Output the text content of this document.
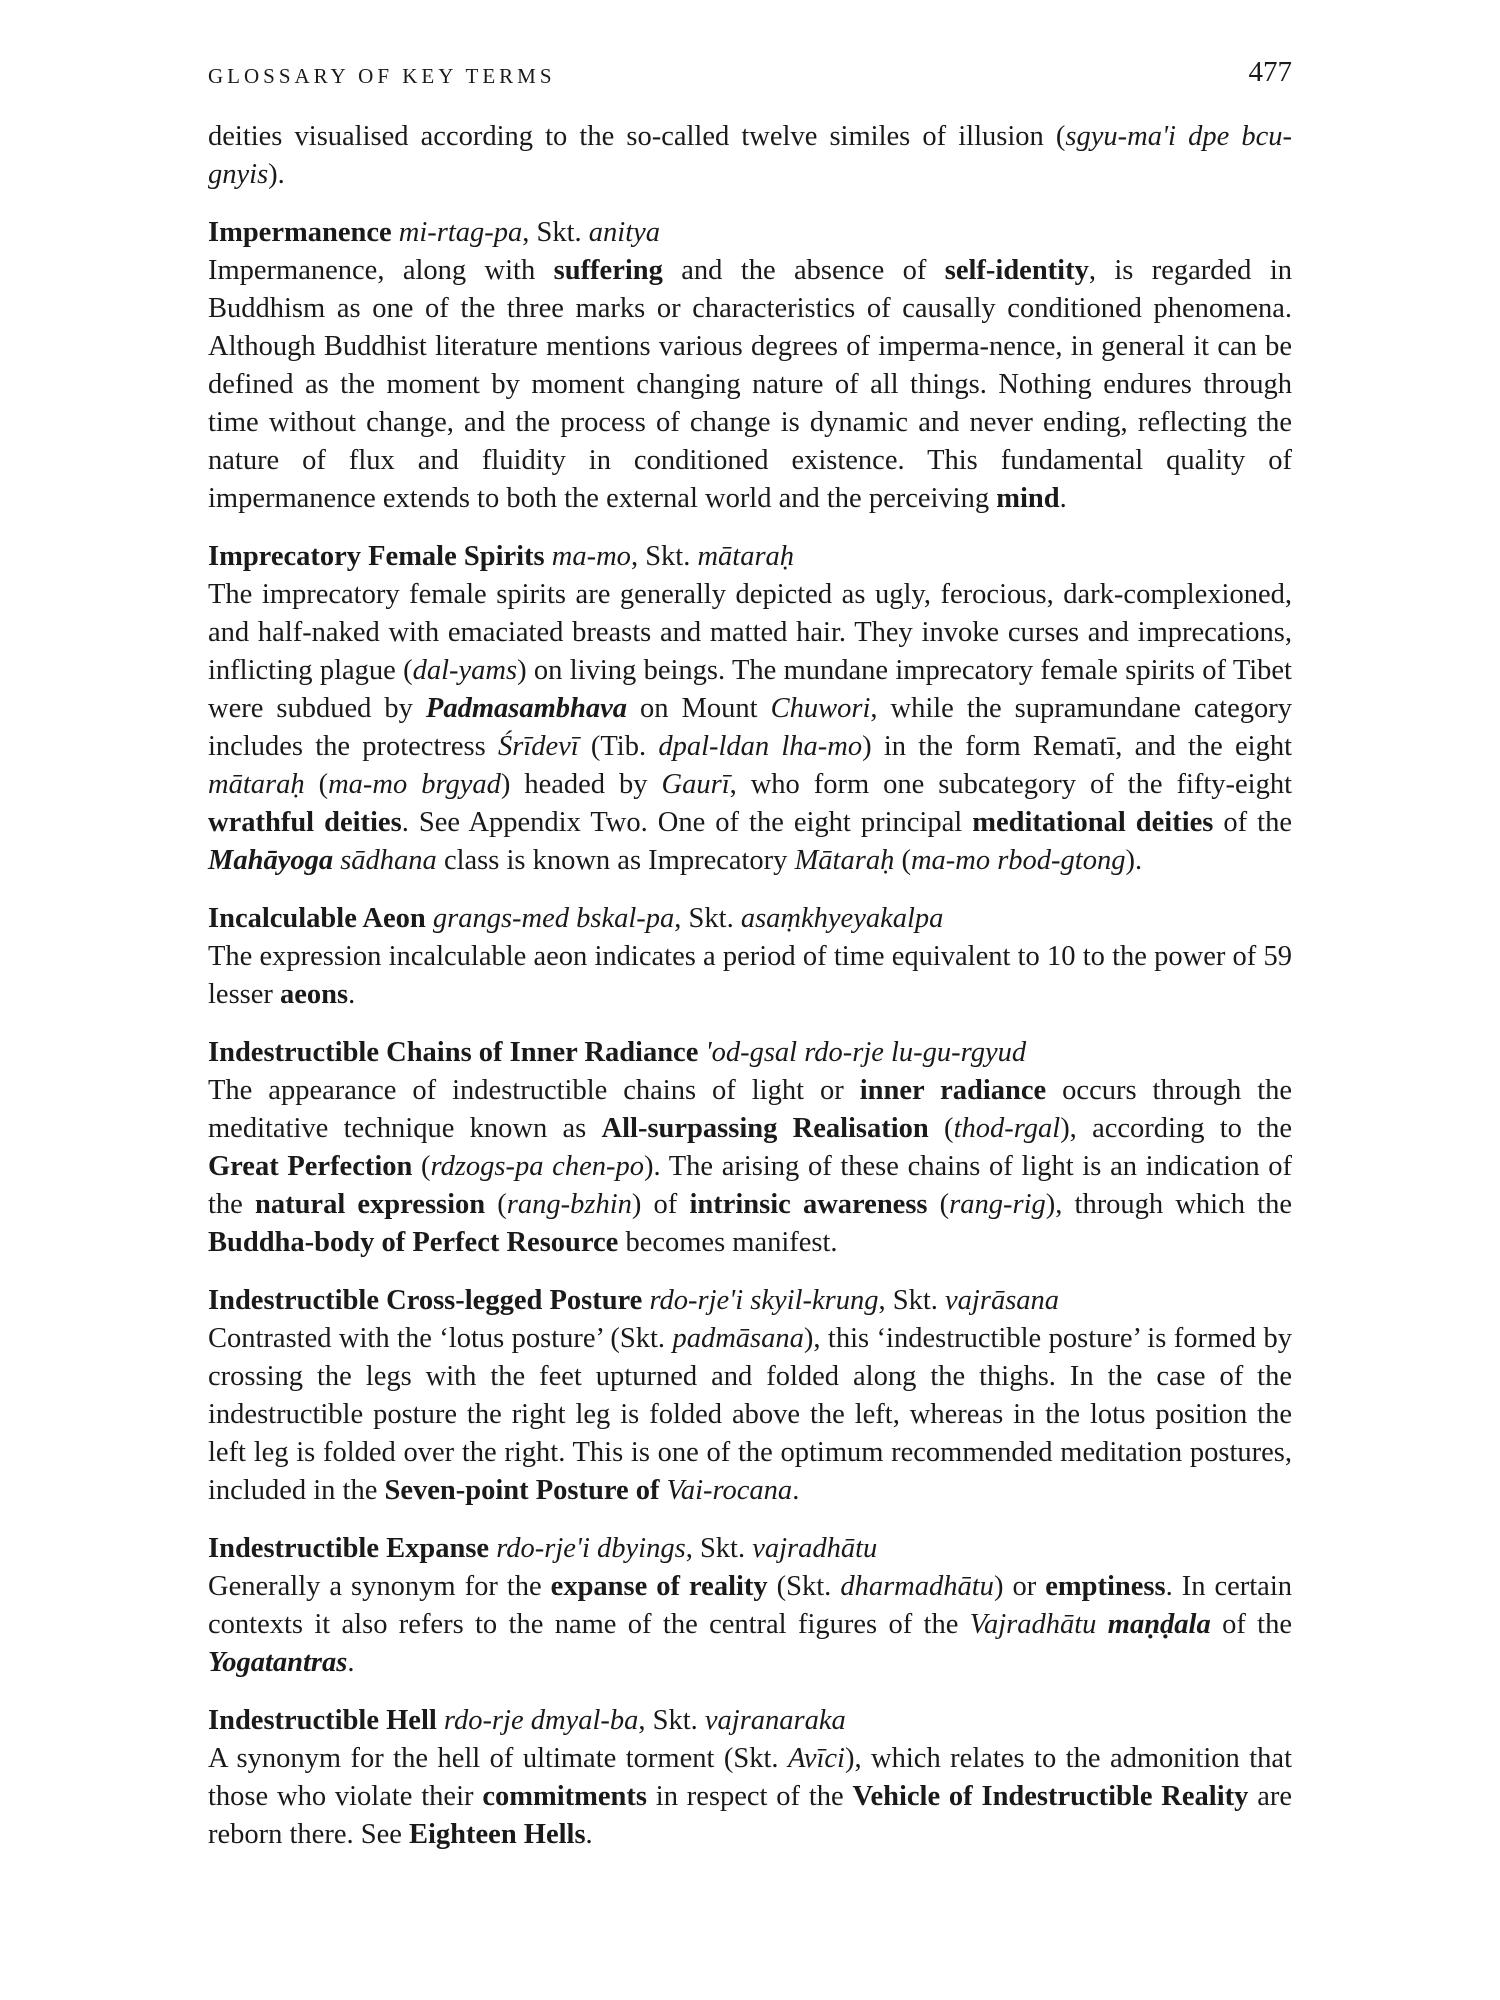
GLOSSARY OF KEY TERMS	477

deities visualised according to the so-called twelve similes of illusion (sgyu-ma'i dpe bcu-gnyis).

Impermanence mi-rtag-pa, Skt. anitya

Impermanence, along with suffering and the absence of self-identity, is regarded in Buddhism as one of the three marks or characteristics of causally conditioned phenomena. Although Buddhist literature mentions various degrees of imperma-nence, in general it can be defined as the moment by moment changing nature of all things. Nothing endures through time without change, and the process of change is dynamic and never ending, reflecting the nature of flux and fluidity in conditioned existence. This fundamental quality of impermanence extends to both the external world and the perceiving mind.

Imprecatory Female Spirits ma-mo, Skt. mātaraḥ

The imprecatory female spirits are generally depicted as ugly, ferocious, dark-complexioned, and half-naked with emaciated breasts and matted hair. They invoke curses and imprecations, inflicting plague (dal-yams) on living beings. The mundane imprecatory female spirits of Tibet were subdued by Padmasambhava on Mount Chuwori, while the supramundane category includes the protectress Śrīdevī (Tib. dpal-ldan lha-mo) in the form Rematī, and the eight mātaraḥ (ma-mo brgyad) headed by Gaurī, who form one subcategory of the fifty-eight wrathful deities. See Appendix Two. One of the eight principal meditational deities of the Mahāyoga sādhana class is known as Imprecatory Mātaraḥ (ma-mo rbod-gtong).

Incalculable Aeon grangs-med bskal-pa, Skt. asaṃkhyeyakalpa

The expression incalculable aeon indicates a period of time equivalent to 10 to the power of 59 lesser aeons.

Indestructible Chains of Inner Radiance 'od-gsal rdo-rje lu-gu-rgyud

The appearance of indestructible chains of light or inner radiance occurs through the meditative technique known as All-surpassing Realisation (thod-rgal), according to the Great Perfection (rdzogs-pa chen-po). The arising of these chains of light is an indication of the natural expression (rang-bzhin) of intrinsic awareness (rang-rig), through which the Buddha-body of Perfect Resource becomes manifest.

Indestructible Cross-legged Posture rdo-rje'i skyil-krung, Skt. vajrāsana

Contrasted with the ‘lotus posture’ (Skt. padmāsana), this ‘indestructible posture’ is formed by crossing the legs with the feet upturned and folded along the thighs. In the case of the indestructible posture the right leg is folded above the left, whereas in the lotus position the left leg is folded over the right. This is one of the optimum recommended meditation postures, included in the Seven-point Posture of Vai-rocana.

Indestructible Expanse rdo-rje'i dbyings, Skt. vajradhātu

Generally a synonym for the expanse of reality (Skt. dharmadhātu) or emptiness. In certain contexts it also refers to the name of the central figures of the Vajradhātu maṇḍala of the Yogatantras.

Indestructible Hell rdo-rje dmyal-ba, Skt. vajranaraka

A synonym for the hell of ultimate torment (Skt. Avīci), which relates to the admonition that those who violate their commitments in respect of the Vehicle of Indestructible Reality are reborn there. See Eighteen Hells.
